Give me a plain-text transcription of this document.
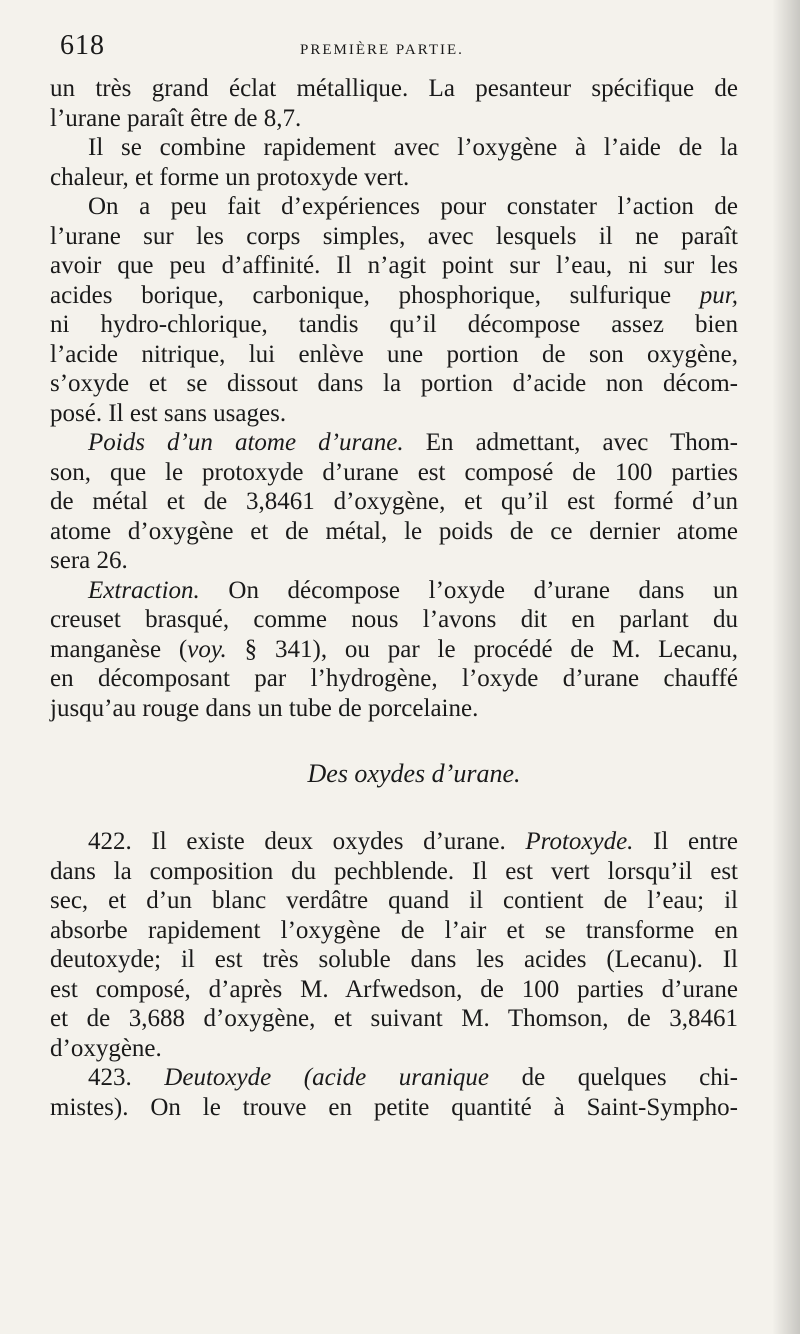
618	PREMIÈRE PARTIE.
un très grand éclat métallique. La pesanteur spécifique de
l’urane paraît être de 8,7.
Il se combine rapidement avec l’oxygène à l’aide de la
chaleur, et forme un protoxyde vert.
On a peu fait d’expériences pour constater l’action de
l’urane sur les corps simples, avec lesquels il ne paraît
avoir que peu d’affinité. Il n’agit point sur l’eau, ni sur les
acides borique, carbonique, phosphorique, sulfurique pur,
ni hydro-chlorique, tandis qu’il décompose assez bien
l’acide nitrique, lui enlève une portion de son oxygène,
s’oxyde et se dissout dans la portion d’acide non décom-
posé. Il est sans usages.
Poids d’un atome d’urane. En admettant, avec Thom-
son, que le protoxyde d’urane est composé de 100 parties
de métal et de 3,8461 d’oxygène, et qu’il est formé d’un
atome d’oxygène et de métal, le poids de ce dernier atome
sera 26.
Extraction. On décompose l’oxyde d’urane dans un
creuset brasqué, comme nous l’avons dit en parlant du
manganèse (voy. § 341), ou par le procédé de M. Lecanu,
en décomposant par l’hydrogène, l’oxyde d’urane chauffé
jusqu’au rouge dans un tube de porcelaine.
Des oxydes d’urane.
422. Il existe deux oxydes d’urane. Protoxyde. Il entre
dans la composition du pechblende. Il est vert lorsqu’il est
sec, et d’un blanc verdâtre quand il contient de l’eau; il
absorbe rapidement l’oxygène de l’air et se transforme en
deutoxyde; il est très soluble dans les acides (Lecanu). Il
est composé, d’après M. Arfwedson, de 100 parties d’urane
et de 3,688 d’oxygène, et suivant M. Thomson, de 3,8461
d’oxygène.
423. Deutoxyde (acide uranique de quelques chi-
mistes). On le trouve en petite quantité à Saint-Sympho-
